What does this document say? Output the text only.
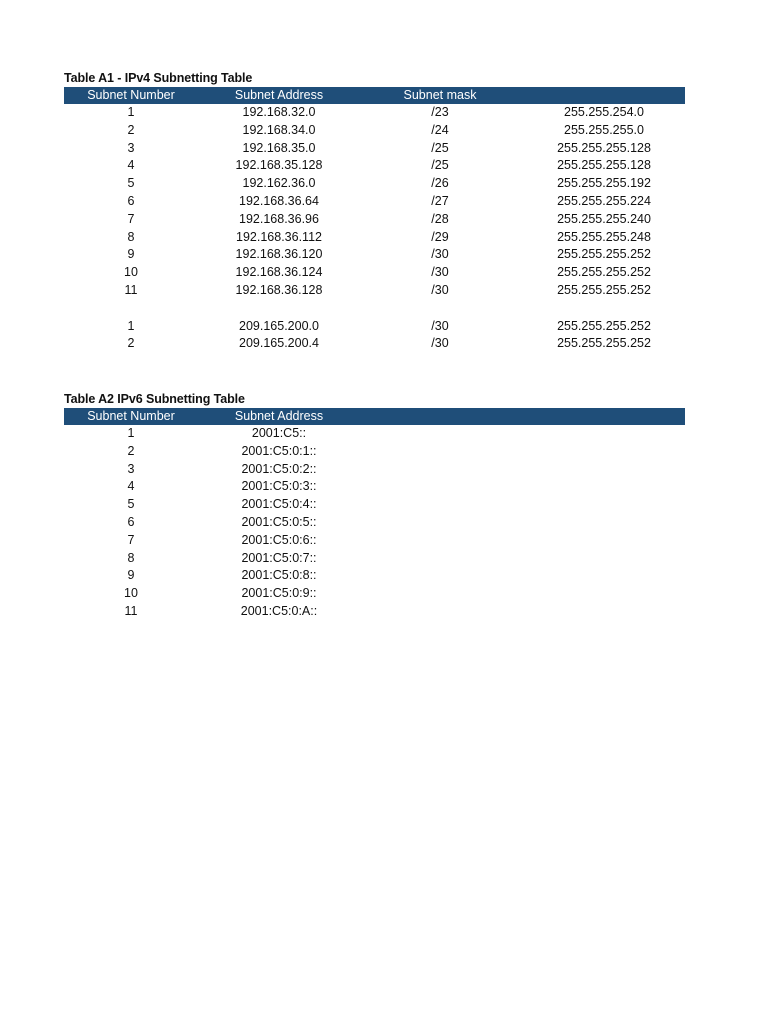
Table A1 - IPv4 Subnetting Table
Subnet Number	Subnet Address	Subnet mask
1	192.168.32.0	/23	255.255.254.0
2	192.168.34.0	/24	255.255.255.0
3	192.168.35.0	/25	255.255.255.128
4	192.168.35.128	/25	255.255.255.128
5	192.162.36.0	/26	255.255.255.192
6	192.168.36.64	/27	255.255.255.224
7	192.168.36.96	/28	255.255.255.240
8	192.168.36.112	/29	255.255.255.248
9	192.168.36.120	/30	255.255.255.252
10	192.168.36.124	/30	255.255.255.252
11	192.168.36.128	/30	255.255.255.252
1	209.165.200.0	/30	255.255.255.252
2	209.165.200.4	/30	255.255.255.252
Table A2 IPv6 Subnetting Table
Subnet Number	Subnet Address
1	2001:C5::
2	2001:C5:0:1::
3	2001:C5:0:2::
4	2001:C5:0:3::
5	2001:C5:0:4::
6	2001:C5:0:5::
7	2001:C5:0:6::
8	2001:C5:0:7::
9	2001:C5:0:8::
10	2001:C5:0:9::
11	2001:C5:0:A::
